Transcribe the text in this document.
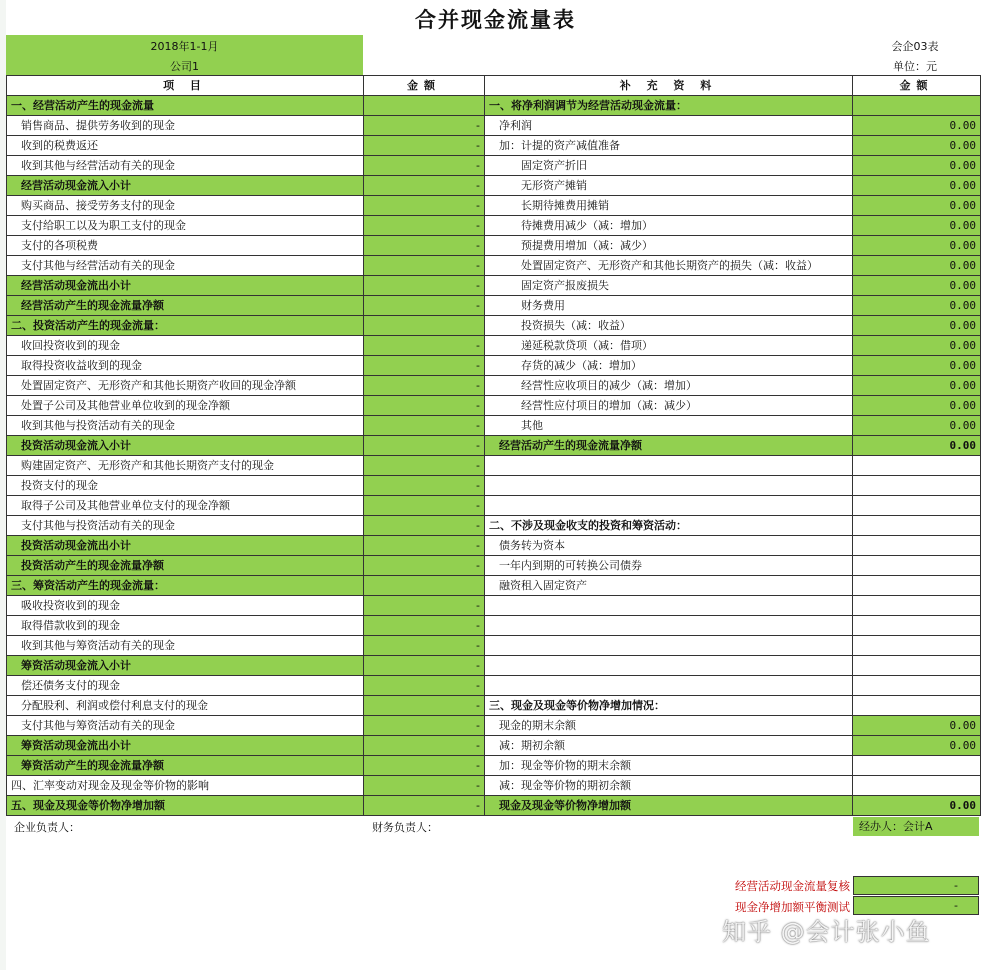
合并现金流量表
2018年1-1月
公司1
会企03表
单位：元
项 目	金额	补 充 资 料	金额
一、经营活动产生的现金流量		一、将净利润调节为经营活动现金流量：	
销售商品、提供劳务收到的现金	-	净利润	0.00
收到的税费返还	-	加：计提的资产减值准备	0.00
收到其他与经营活动有关的现金	-	固定资产折旧	0.00
经营活动现金流入小计	-	无形资产摊销	0.00
购买商品、接受劳务支付的现金	-	长期待摊费用摊销	0.00
支付给职工以及为职工支付的现金	-	待摊费用减少（减：增加）	0.00
支付的各项税费	-	预提费用增加（减：减少）	0.00
支付其他与经营活动有关的现金	-	处置固定资产、无形资产和其他长期资产的损失（减：收益）	0.00
经营活动现金流出小计	-	固定资产报废损失	0.00
经营活动产生的现金流量净额	-	财务费用	0.00
二、投资活动产生的现金流量：		投资损失（减：收益）	0.00
收回投资收到的现金	-	递延税款贷项（减：借项）	0.00
取得投资收益收到的现金	-	存货的减少（减：增加）	0.00
处置固定资产、无形资产和其他长期资产收回的现金净额	-	经营性应收项目的减少（减：增加）	0.00
处置子公司及其他营业单位收到的现金净额	-	经营性应付项目的增加（减：减少）	0.00
收到其他与投资活动有关的现金	-	其他	0.00
投资活动现金流入小计	-	经营活动产生的现金流量净额	0.00
购建固定资产、无形资产和其他长期资产支付的现金	-		
投资支付的现金	-		
取得子公司及其他营业单位支付的现金净额	-		
支付其他与投资活动有关的现金	-	二、不涉及现金收支的投资和筹资活动：	
投资活动现金流出小计	-	债务转为资本	
投资活动产生的现金流量净额	-	一年内到期的可转换公司债券	
三、筹资活动产生的现金流量：		融资租入固定资产	
吸收投资收到的现金	-		
取得借款收到的现金	-		
收到其他与筹资活动有关的现金	-		
筹资活动现金流入小计	-		
偿还债务支付的现金	-		
分配股利、利润或偿付利息支付的现金	-	三、现金及现金等价物净增加情况：	
支付其他与筹资活动有关的现金	-	现金的期末余额	0.00
筹资活动现金流出小计	-	减：期初余额	0.00
筹资活动产生的现金流量净额	-	加：现金等价物的期末余额	
四、汇率变动对现金及现金等价物的影响	-	减：现金等价物的期初余额	
五、现金及现金等价物净增加额	-	现金及现金等价物净增加额	0.00
企业负责人：	财务负责人：	经办人：会计A
经营活动现金流量复核	-
现金净增加额平衡测试	-
知乎 @会计张小鱼
